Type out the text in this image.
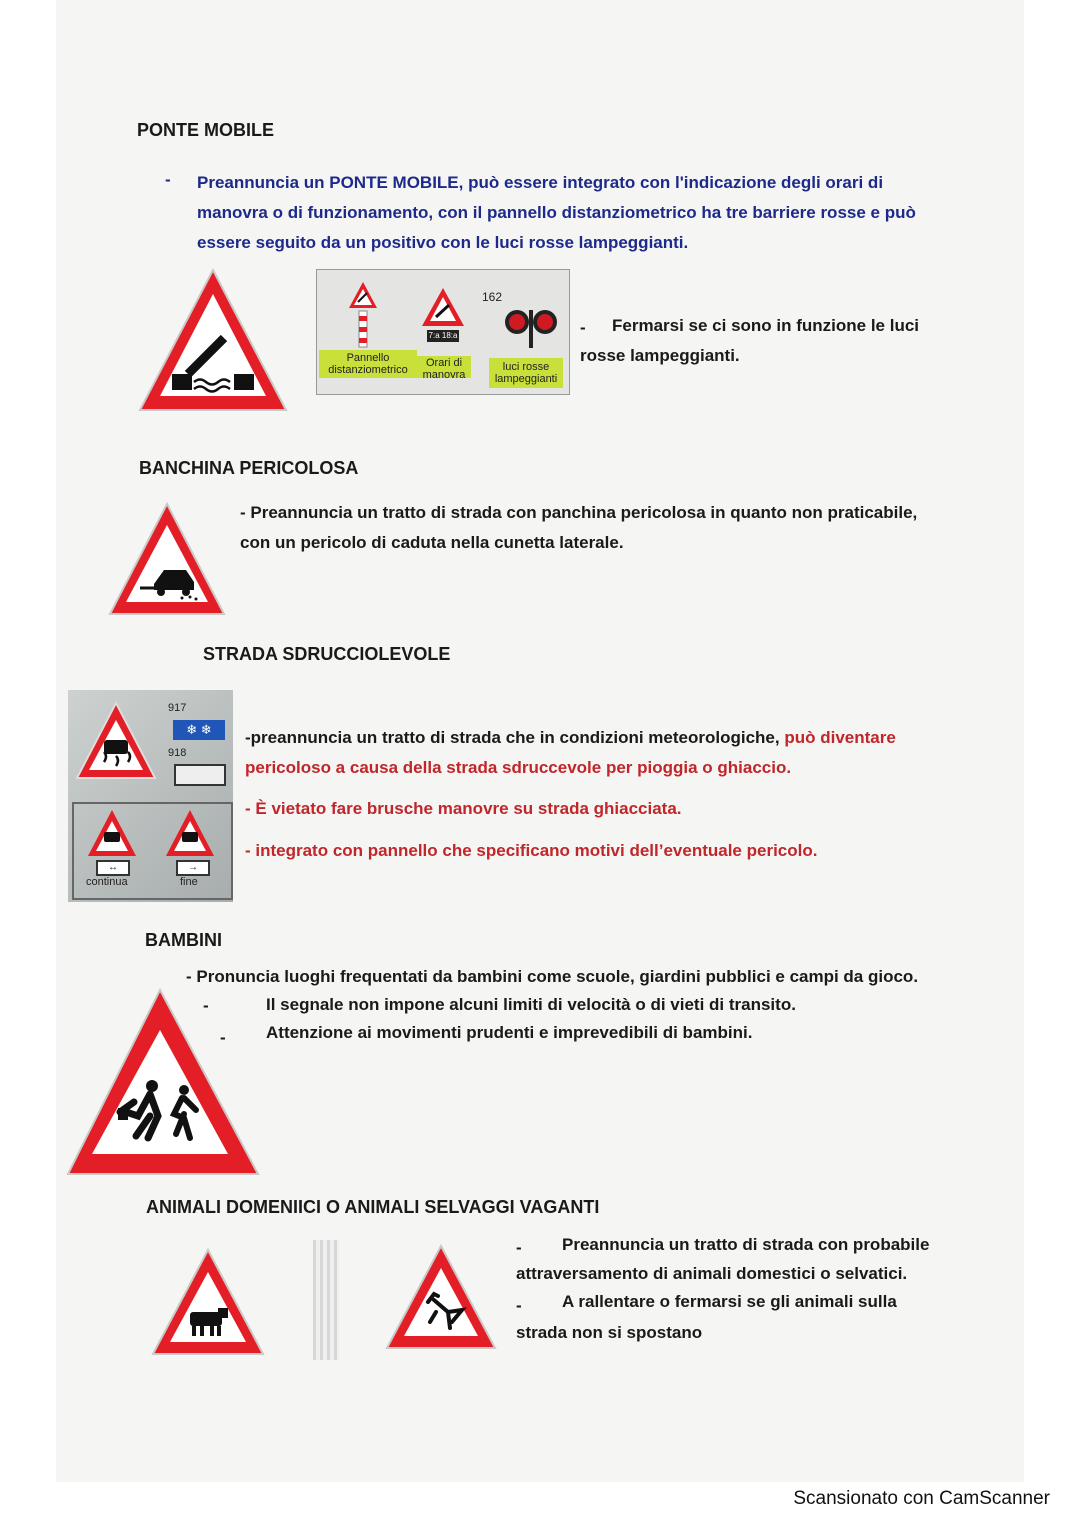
PONTE MOBILE
- Preannuncia un PONTE MOBILE, può essere integrato con l'indicazione degli orari di
manovra o di funzionamento, con il pannello distanziometrico ha tre barriere rosse e può
essere seguito da un positivo con le luci rosse lampeggianti.
7:a 18:a
162
Pannello
distanziometrico
Orari di
manovra
luci rosse
lampeggianti
- Fermarsi se ci sono in funzione le luci
rosse lampeggianti.
BANCHINA PERICOLOSA
- Preannuncia un tratto di strada con panchina pericolosa in quanto non praticabile,
con un pericolo di caduta nella cunetta laterale.
STRADA SDRUCCIOLEVOLE
917
❄ ❄
918
↔	→
continua	fine
-preannuncia un tratto di strada che in condizioni meteorologiche, può diventare
pericoloso a causa della strada sdruccevole per pioggia o ghiaccio.
- È vietato fare brusche manovre su strada ghiacciata.
- integrato con pannello che specificano motivi dell’eventuale pericolo.
BAMBINI
- Pronuncia luoghi frequentati da bambini come scuole, giardini pubblici e campi da gioco.
-	Il segnale non impone alcuni limiti di velocità o di vieti di transito.
- Attenzione ai movimenti prudenti e imprevedibili di bambini.
ANIMALI DOMENIICI O ANIMALI SELVAGGI VAGANTI
- Preannuncia un tratto di strada con probabile
attraversamento di animali domestici o selvatici.
- A rallentare o fermarsi se gli animali sulla
strada non si spostano
Scansionato con CamScanner
